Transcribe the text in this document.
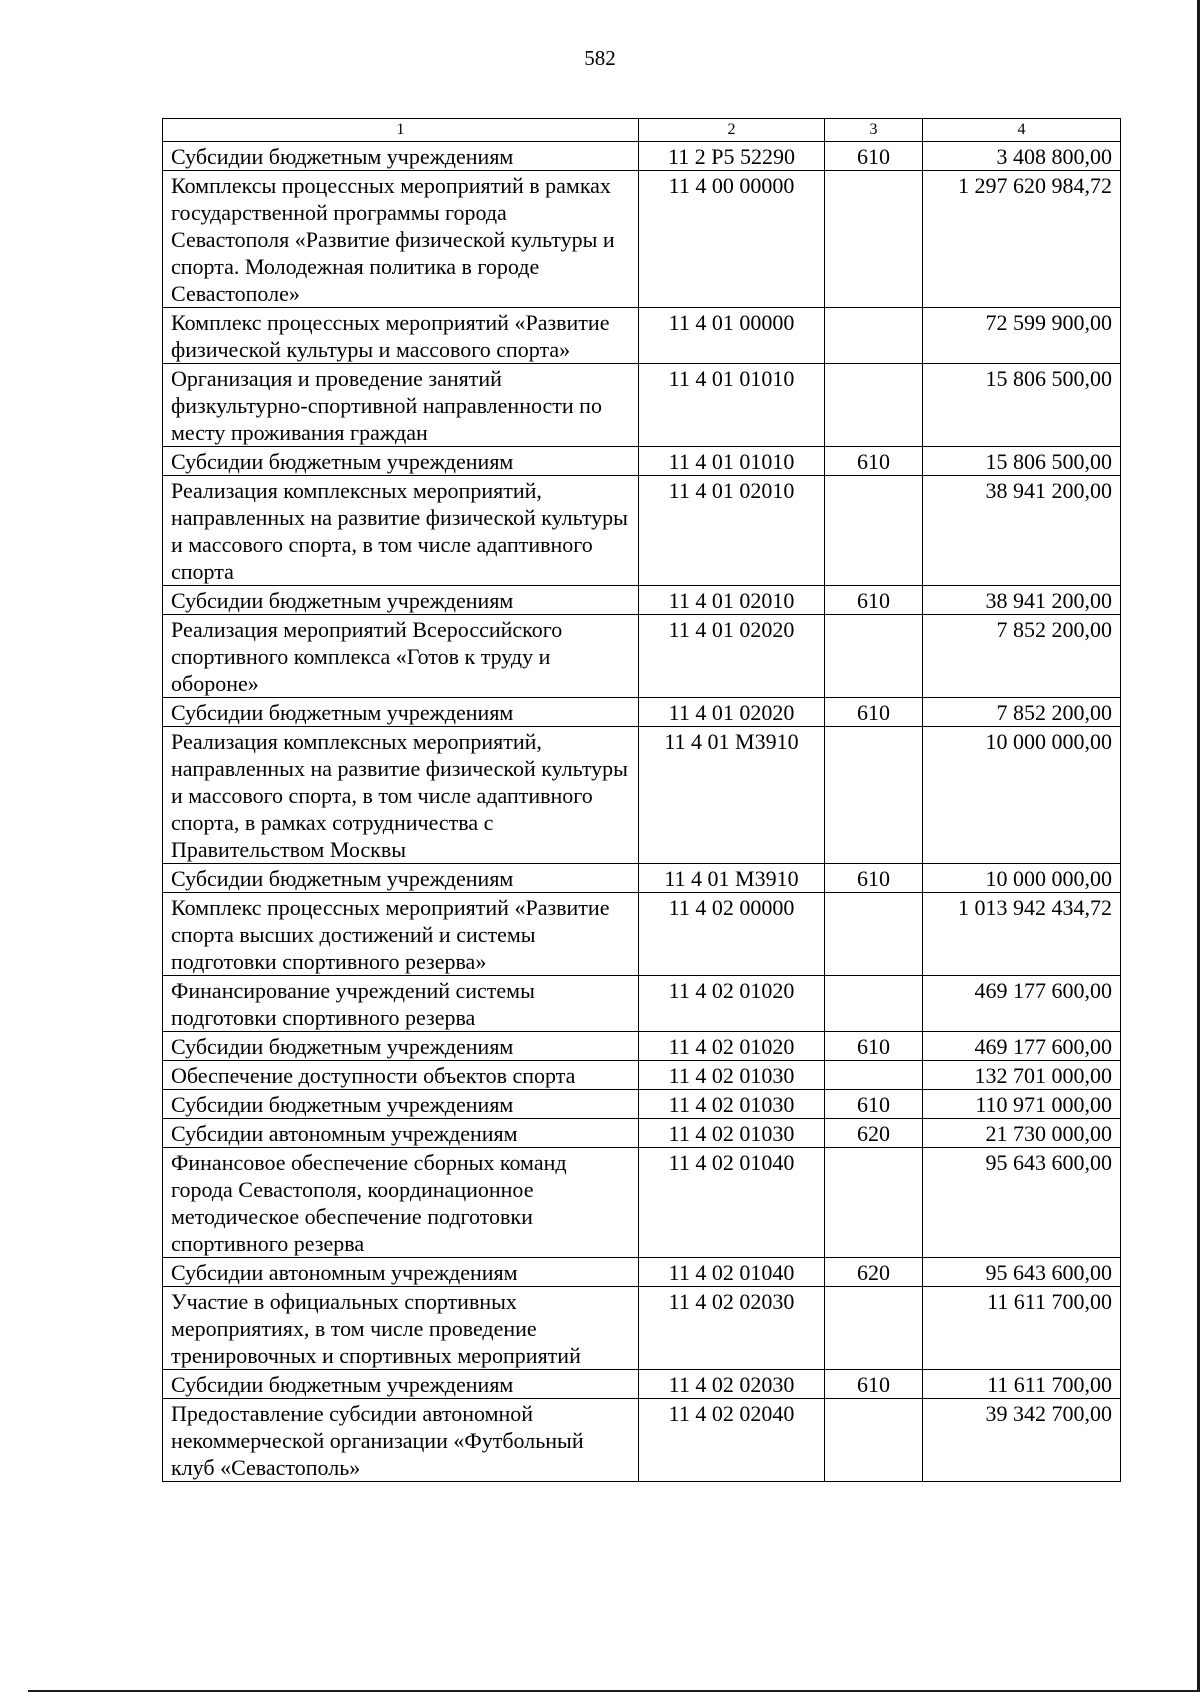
582
1	2	3	4
Субсидии бюджетным учреждениям	11 2 P5 52290	610	3 408 800,00
Комплексы процессных мероприятий в рамках государственной программы города Севастополя «Развитие физической культуры и спорта. Молодежная политика в городе Севастополе»	11 4 00 00000		1 297 620 984,72
Комплекс процессных мероприятий «Развитие физической культуры и массового спорта»	11 4 01 00000		72 599 900,00
Организация и проведение занятий физкультурно-спортивной направленности по месту проживания граждан	11 4 01 01010		15 806 500,00
Субсидии бюджетным учреждениям	11 4 01 01010	610	15 806 500,00
Реализация комплексных мероприятий, направленных на развитие физической культуры и массового спорта, в том числе адаптивного спорта	11 4 01 02010		38 941 200,00
Субсидии бюджетным учреждениям	11 4 01 02010	610	38 941 200,00
Реализация мероприятий Всероссийского спортивного комплекса «Готов к труду и обороне»	11 4 01 02020		7 852 200,00
Субсидии бюджетным учреждениям	11 4 01 02020	610	7 852 200,00
Реализация комплексных мероприятий, направленных на развитие физической культуры и массового спорта, в том числе адаптивного спорта, в рамках сотрудничества с Правительством Москвы	11 4 01 M3910		10 000 000,00
Субсидии бюджетным учреждениям	11 4 01 M3910	610	10 000 000,00
Комплекс процессных мероприятий «Развитие спорта высших достижений и системы подготовки спортивного резерва»	11 4 02 00000		1 013 942 434,72
Финансирование учреждений системы подготовки спортивного резерва	11 4 02 01020		469 177 600,00
Субсидии бюджетным учреждениям	11 4 02 01020	610	469 177 600,00
Обеспечение доступности объектов спорта	11 4 02 01030		132 701 000,00
Субсидии бюджетным учреждениям	11 4 02 01030	610	110 971 000,00
Субсидии автономным учреждениям	11 4 02 01030	620	21 730 000,00
Финансовое обеспечение сборных команд города Севастополя, координационное методическое обеспечение подготовки спортивного резерва	11 4 02 01040		95 643 600,00
Субсидии автономным учреждениям	11 4 02 01040	620	95 643 600,00
Участие в официальных спортивных мероприятиях, в том числе проведение тренировочных и спортивных мероприятий	11 4 02 02030		11 611 700,00
Субсидии бюджетным учреждениям	11 4 02 02030	610	11 611 700,00
Предоставление субсидии автономной некоммерческой организации «Футбольный клуб «Севастополь»	11 4 02 02040		39 342 700,00
